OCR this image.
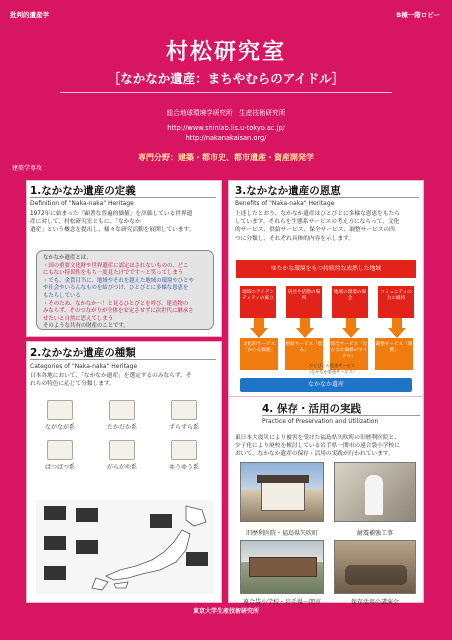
批判的遺産学	B棟一階ロビー
村松研究室
［なかなか遺産：まちやむらのアイドル］
総合地球環境学研究所　生産技術研究所
http://www.shinlab.iis.u-tokyo.ac.jp/
http://nakanakaisan.org/
専門分野：建築・都市史、都市遺産・資産開発学
建築学専攻
1.なかなか遺産の定義
Definition of "Naka-naka" Heritage
1972年に始まった「顕著な普遍的価値」を評価している世界遺
産に対して、村松研究室ともに、「なかなか
遺産」という概念を提出し、様々な研究活動を展開しています。
なかなか遺産とは、
・国の重要文化財や世界遺産に認定はされないものの、どこ
にもない特異性をもち一度見たけでです〜と笑ってしまう
・でも、金貰目当に、地域やそれを越えた地域の環境やひとや
や社会やいろんなものを結びつけ、ひとびとに多様な恩恵を
もたらしている
・そのため、なかなか〜！と見るひとびとを呼び、建造物の
みならず、そのつながりが全体を安定させずに次世代に継承さ
せたいと自然に思えてしまう
そのような共有の財産のことです。
2.なかなか遺産の種類
Categories of "Naka-naka" Heritage
日本各地において、「なかなか遺産」を選定するのみならず、そ
れらの特色に応じて分類します。
ながなが系	たかだか系	ずらずら系
ばつばつ系	がらがや系	ゆうゆう系
3.なかなか遺産の恩恵
Benefits of "Naka-naka" Heritage
上述したとおり、なかなか遺産はひとびとに多様な恩恵をもたら
しています。それらを生態系サービスの考え方にならって、文化
的サービス、供給サービス、保全サービス、調整サービスの四
つに分類し、それぞれ具体的内容を示します。
ゆたかな環境をもつ持続的な成熟した地域
地域のアイデンティティの確立
居住や活動の場所
地域の環境の保全
コミュニティの力の維持
文化的サービス「かわる価値」
供給サービス「恵み」
保全サービス「なかなか価値のサイクル」
調整サービス「連携」
ひとびとの恩恵サービス（なかなか恩恵サービス）
なかなか遺産
4. 保存・活用の実践
Practice of Preservation and Utilization
東日本大震災により被害を受けた福島県矢吹町の旧歴利医院と、
少子化により廃校を検討している岩手県一関市の遠合袋小学校に
おいて、なかなか遺産の保存・活用の実践が行われています。
旧歴利医院・福島県矢吹町	耐震補強工事
遠合袋小学校・岩手県一関市	保存活用の講演会
東京大学生産技術研究所
